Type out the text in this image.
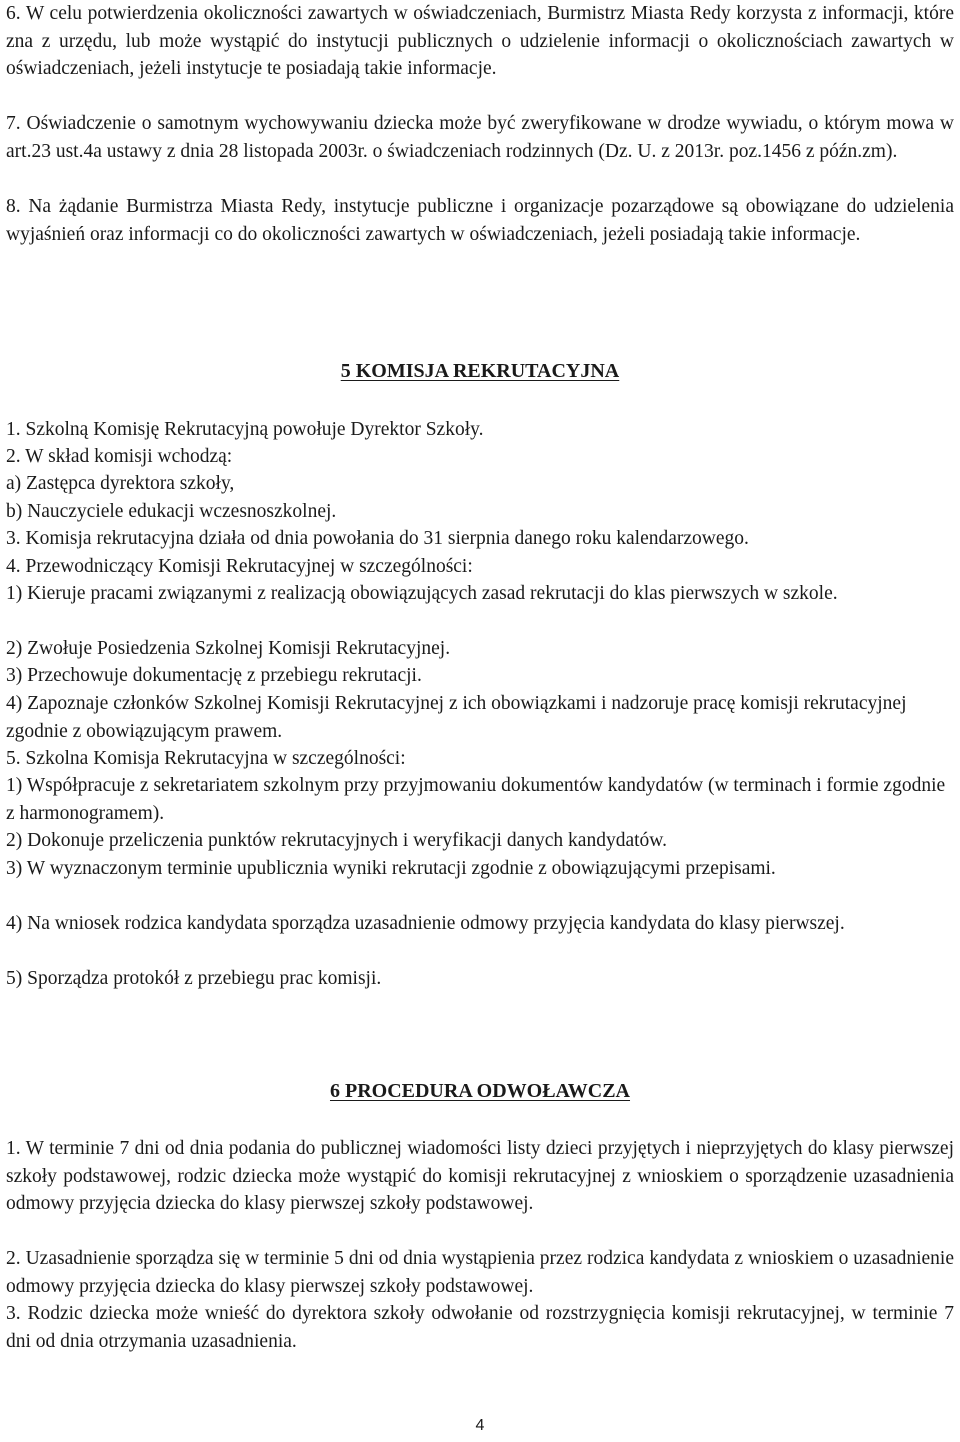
6. W celu potwierdzenia okoliczności zawartych w oświadczeniach, Burmistrz Miasta Redy korzysta z informacji, które zna z urzędu, lub może wystąpić do instytucji publicznych o udzielenie informacji o okolicznościach zawartych w oświadczeniach, jeżeli instytucje te posiadają takie informacje.

7. Oświadczenie o samotnym wychowywaniu dziecka może być zweryfikowane w drodze wywiadu, o którym mowa w art.23 ust.4a ustawy z dnia 28 listopada 2003r. o świadczeniach rodzinnych (Dz. U. z 2013r. poz.1456 z późn.zm).

8. Na żądanie Burmistrza Miasta Redy, instytucje publiczne i organizacje pozarządowe są obowiązane do udzielenia wyjaśnień oraz informacji co do okoliczności zawartych w oświadczeniach, jeżeli posiadają takie informacje.

5 KOMISJA REKRUTACYJNA

1. Szkolną Komisję Rekrutacyjną powołuje Dyrektor Szkoły.

2. W skład komisji wchodzą:

a) Zastępca dyrektora szkoły,

b) Nauczyciele edukacji wczesnoszkolnej.

3. Komisja rekrutacyjna działa od dnia powołania do 31 sierpnia danego roku kalendarzowego.

4. Przewodniczący Komisji Rekrutacyjnej w szczególności:

1) Kieruje pracami związanymi z realizacją obowiązujących zasad rekrutacji do klas pierwszych w szkole.

2) Zwołuje Posiedzenia Szkolnej Komisji Rekrutacyjnej.

3) Przechowuje dokumentację z przebiegu rekrutacji.

4) Zapoznaje członków Szkolnej Komisji Rekrutacyjnej z ich obowiązkami i nadzoruje pracę komisji rekrutacyjnej zgodnie z obowiązującym prawem.

5. Szkolna Komisja Rekrutacyjna w szczególności:

1) Współpracuje z sekretariatem szkolnym przy przyjmowaniu dokumentów kandydatów (w terminach i formie zgodnie z harmonogramem).

2) Dokonuje przeliczenia punktów rekrutacyjnych i weryfikacji danych kandydatów.

3) W wyznaczonym terminie upublicznia wyniki rekrutacji zgodnie z obowiązującymi przepisami.

4) Na wniosek rodzica kandydata sporządza uzasadnienie odmowy przyjęcia kandydata do klasy pierwszej.

5) Sporządza protokół z przebiegu prac komisji.

6 PROCEDURA ODWOŁAWCZA

1. W terminie 7 dni od dnia podania do publicznej wiadomości listy dzieci przyjętych i nieprzyjętych do klasy pierwszej szkoły podstawowej, rodzic dziecka może wystąpić do komisji rekrutacyjnej z wnioskiem o sporządzenie uzasadnienia odmowy przyjęcia dziecka do klasy pierwszej szkoły podstawowej.

2. Uzasadnienie sporządza się w terminie 5 dni od dnia wystąpienia przez rodzica kandydata z wnioskiem o uzasadnienie odmowy przyjęcia dziecka do klasy pierwszej szkoły podstawowej.

3. Rodzic dziecka może wnieść do dyrektora szkoły odwołanie od rozstrzygnięcia komisji rekrutacyjnej, w terminie 7 dni od dnia otrzymania uzasadnienia.

4
